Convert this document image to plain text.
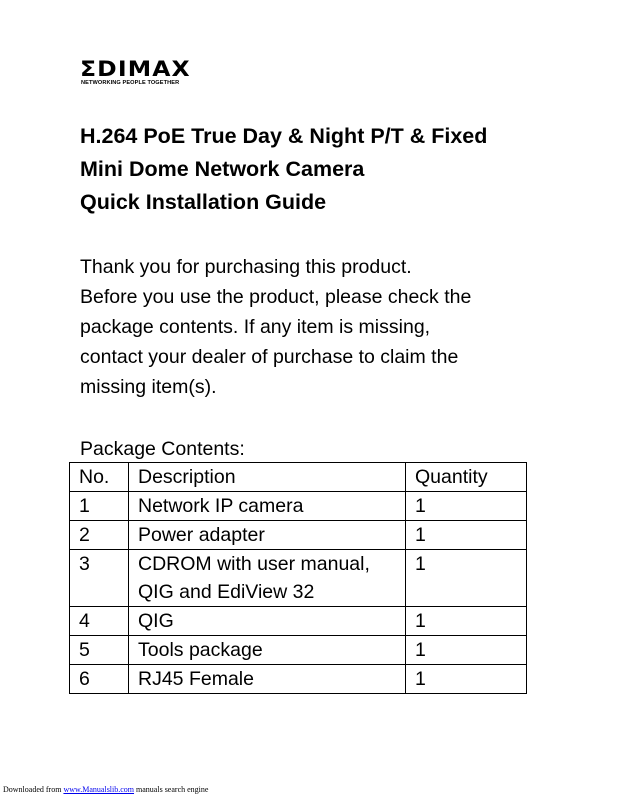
ΣDIMAX
NETWORKING PEOPLE TOGETHER
H.264 PoE True Day & Night P/T & Fixed
Mini Dome Network Camera
Quick Installation Guide

Thank you for purchasing this product.
Before you use the product, please check the
package contents. If any item is missing,
contact your dealer of purchase to claim the
missing item(s).

Package Contents:
No.	Description	Quantity
1	Network IP camera	1
2	Power adapter	1
3	CDROM with user manual,
QIG and EdiView 32	1
4	QIG	1
5	Tools package	1
6	RJ45 Female	1
Downloaded from www.Manualslib.com manuals search engine
